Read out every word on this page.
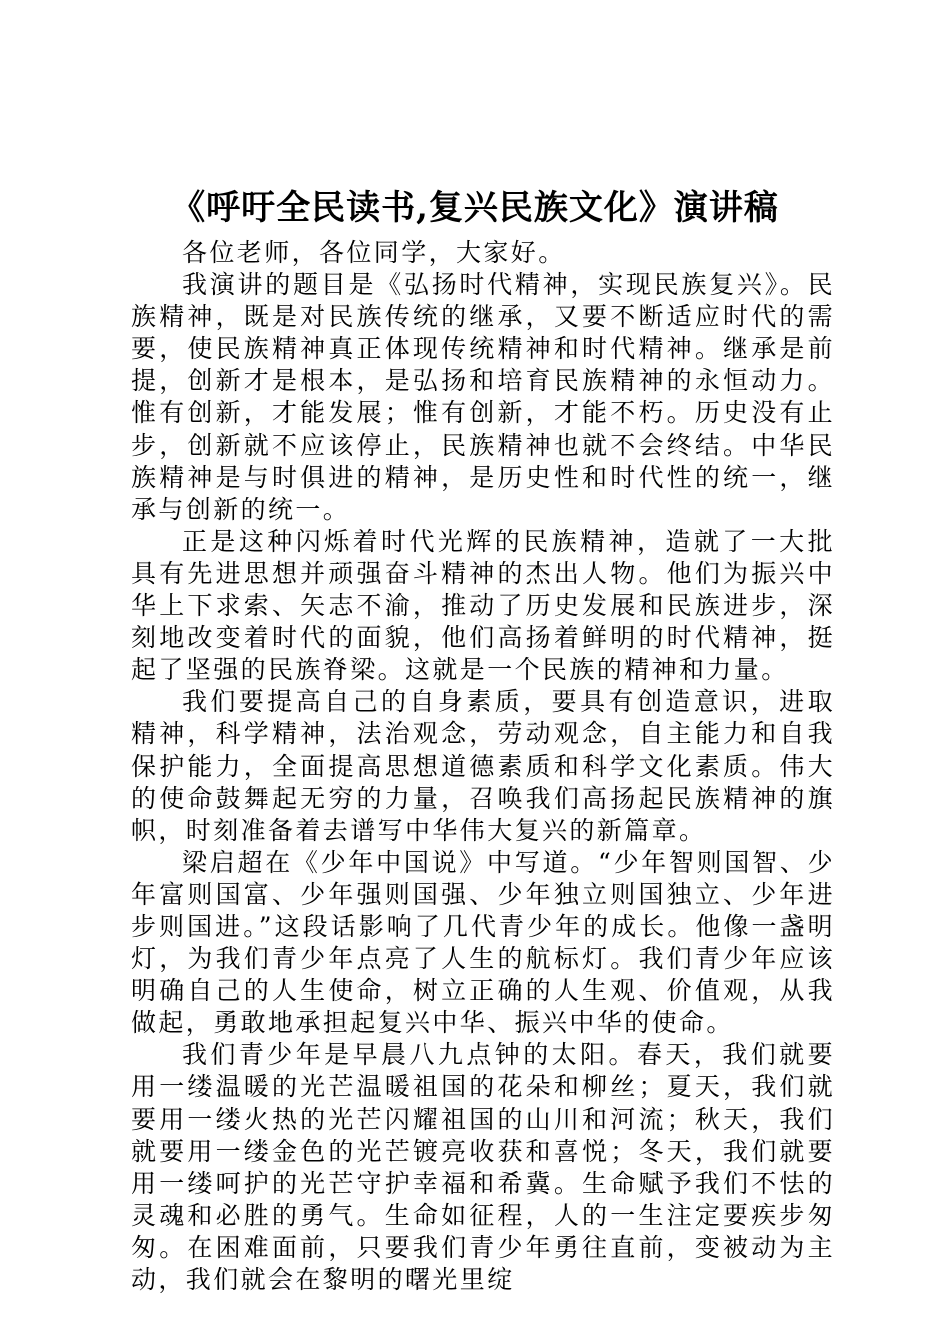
《呼吁全民读书,复兴民族文化》演讲稿

各位老师，各位同学，大家好。

我演讲的题目是《弘扬时代精神，实现民族复兴》。民族精神，既是对民族传统的继承，又要不断适应时代的需要，使民族精神真正体现传统精神和时代精神。继承是前提，创新才是根本，是弘扬和培育民族精神的永恒动力。惟有创新，才能发展；惟有创新，才能不朽。历史没有止步，创新就不应该停止，民族精神也就不会终结。中华民族精神是与时俱进的精神，是历史性和时代性的统一，继承与创新的统一。

正是这种闪烁着时代光辉的民族精神，造就了一大批具有先进思想并顽强奋斗精神的杰出人物。他们为振兴中华上下求索、矢志不渝，推动了历史发展和民族进步，深刻地改变着时代的面貌，他们高扬着鲜明的时代精神，挺起了坚强的民族脊梁。这就是一个民族的精神和力量。

我们要提高自己的自身素质，要具有创造意识，进取精神，科学精神，法治观念，劳动观念，自主能力和自我保护能力，全面提高思想道德素质和科学文化素质。伟大的使命鼓舞起无穷的力量，召唤我们高扬起民族精神的旗帜，时刻准备着去谱写中华伟大复兴的新篇章。

梁启超在《少年中国说》中写道。“少年智则国智、少年富则国富、少年强则国强、少年独立则国独立、少年进步则国进。”这段话影响了几代青少年的成长。他像一盏明灯，为我们青少年点亮了人生的航标灯。我们青少年应该明确自己的人生使命，树立正确的人生观、价值观，从我做起，勇敢地承担起复兴中华、振兴中华的使命。

我们青少年是早晨八九点钟的太阳。春天，我们就要用一缕温暖的光芒温暖祖国的花朵和柳丝；夏天，我们就要用一缕火热的光芒闪耀祖国的山川和河流；秋天，我们就要用一缕金色的光芒镀亮收获和喜悦；冬天，我们就要用一缕呵护的光芒守护幸福和希冀。生命赋予我们不怯的灵魂和必胜的勇气。生命如征程，人的一生注定要疾步匆匆。在困难面前，只要我们青少年勇往直前，变被动为主动，我们就会在黎明的曙光里绽
